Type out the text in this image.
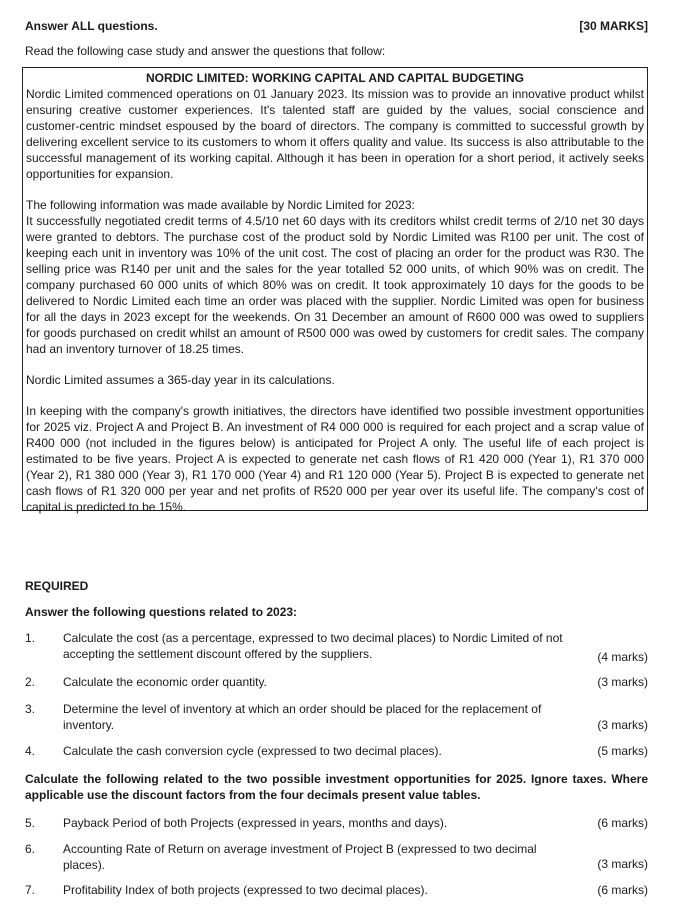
Answer ALL questions.	[30 MARKS]
Read the following case study and answer the questions that follow:
NORDIC LIMITED: WORKING CAPITAL AND CAPITAL BUDGETING

Nordic Limited commenced operations on 01 January 2023. Its mission was to provide an innovative product whilst ensuring creative customer experiences. It's talented staff are guided by the values, social conscience and customer-centric mindset espoused by the board of directors. The company is committed to successful growth by delivering excellent service to its customers to whom it offers quality and value. Its success is also attributable to the successful management of its working capital. Although it has been in operation for a short period, it actively seeks opportunities for expansion.

The following information was made available by Nordic Limited for 2023:

It successfully negotiated credit terms of 4.5/10 net 60 days with its creditors whilst credit terms of 2/10 net 30 days were granted to debtors. The purchase cost of the product sold by Nordic Limited was R100 per unit. The cost of keeping each unit in inventory was 10% of the unit cost. The cost of placing an order for the product was R30. The selling price was R140 per unit and the sales for the year totalled 52 000 units, of which 90% was on credit. The company purchased 60 000 units of which 80% was on credit. It took approximately 10 days for the goods to be delivered to Nordic Limited each time an order was placed with the supplier. Nordic Limited was open for business for all the days in 2023 except for the weekends. On 31 December an amount of R600 000 was owed to suppliers for goods purchased on credit whilst an amount of R500 000 was owed by customers for credit sales. The company had an inventory turnover of 18.25 times.

Nordic Limited assumes a 365-day year in its calculations.

In keeping with the company's growth initiatives, the directors have identified two possible investment opportunities for 2025 viz. Project A and Project B. An investment of R4 000 000 is required for each project and a scrap value of R400 000 (not included in the figures below) is anticipated for Project A only. The useful life of each project is estimated to be five years. Project A is expected to generate net cash flows of R1 420 000 (Year 1), R1 370 000 (Year 2), R1 380 000 (Year 3), R1 170 000 (Year 4) and R1 120 000 (Year 5). Project B is expected to generate net cash flows of R1 320 000 per year and net profits of R520 000 per year over its useful life. The company's cost of capital is predicted to be 15%.

REQUIRED
Answer the following questions related to 2023:
1.	Calculate the cost (as a percentage, expressed to two decimal places) to Nordic Limited of not accepting the settlement discount offered by the suppliers.	(4 marks)
2.	Calculate the economic order quantity.	(3 marks)
3.	Determine the level of inventory at which an order should be placed for the replacement of inventory.	(3 marks)
4.	Calculate the cash conversion cycle (expressed to two decimal places).	(5 marks)
Calculate the following related to the two possible investment opportunities for 2025. Ignore taxes. Where applicable use the discount factors from the four decimals present value tables.
5.	Payback Period of both Projects (expressed in years, months and days).	(6 marks)
6.	Accounting Rate of Return on average investment of Project B (expressed to two decimal places).	(3 marks)
7.	Profitability Index of both projects (expressed to two decimal places).	(6 marks)
